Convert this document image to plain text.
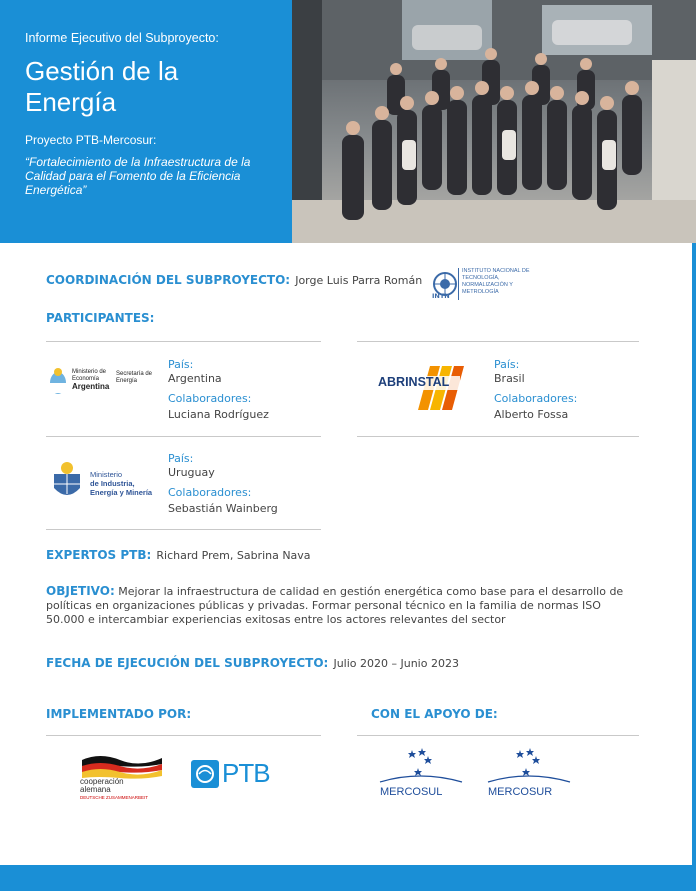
Informe Ejecutivo del Subproyecto:
Gestión de la Energía
Proyecto PTB-Mercosur:
“Fortalecimiento de la Infraestructura de la Calidad para el Fomento de la Eficiencia Energética”
COORDINACIÓN DEL SUBPROYECTO: Jorge Luis Parra Román
INTN
INSTITUTO NACIONAL DE
TECNOLOGÍA,
NORMALIZACIÓN Y
METROLOGÍA
PARTICIPANTES:
Ministerio de
Economía
Argentina
Secretaría de
Energía
País:
Argentina
Colaboradores:
Luciana Rodríguez
ABRINSTAL
País:
Brasil
Colaboradores:
Alberto Fossa
Ministerio
de Industria,
Energía y Minería
País:
Uruguay
Colaboradores:
Sebastián Wainberg
EXPERTOS PTB: Richard Prem, Sabrina Nava
OBJETIVO: Mejorar la infraestructura de calidad en gestión energética como base para el desarrollo de políticas en organizaciones públicas y privadas. Formar personal técnico en la familia de normas ISO 50.000 e intercambiar experiencias exitosas entre los actores relevantes del sector
FECHA DE EJECUCIÓN DEL SUBPROYECTO: Julio 2020 – Junio 2023
IMPLEMENTADO POR:	CON EL APOYO DE:
cooperación
alemana
DEUTSCHE ZUSAMMENARBEIT
PTB
MERCOSUL	MERCOSUR
